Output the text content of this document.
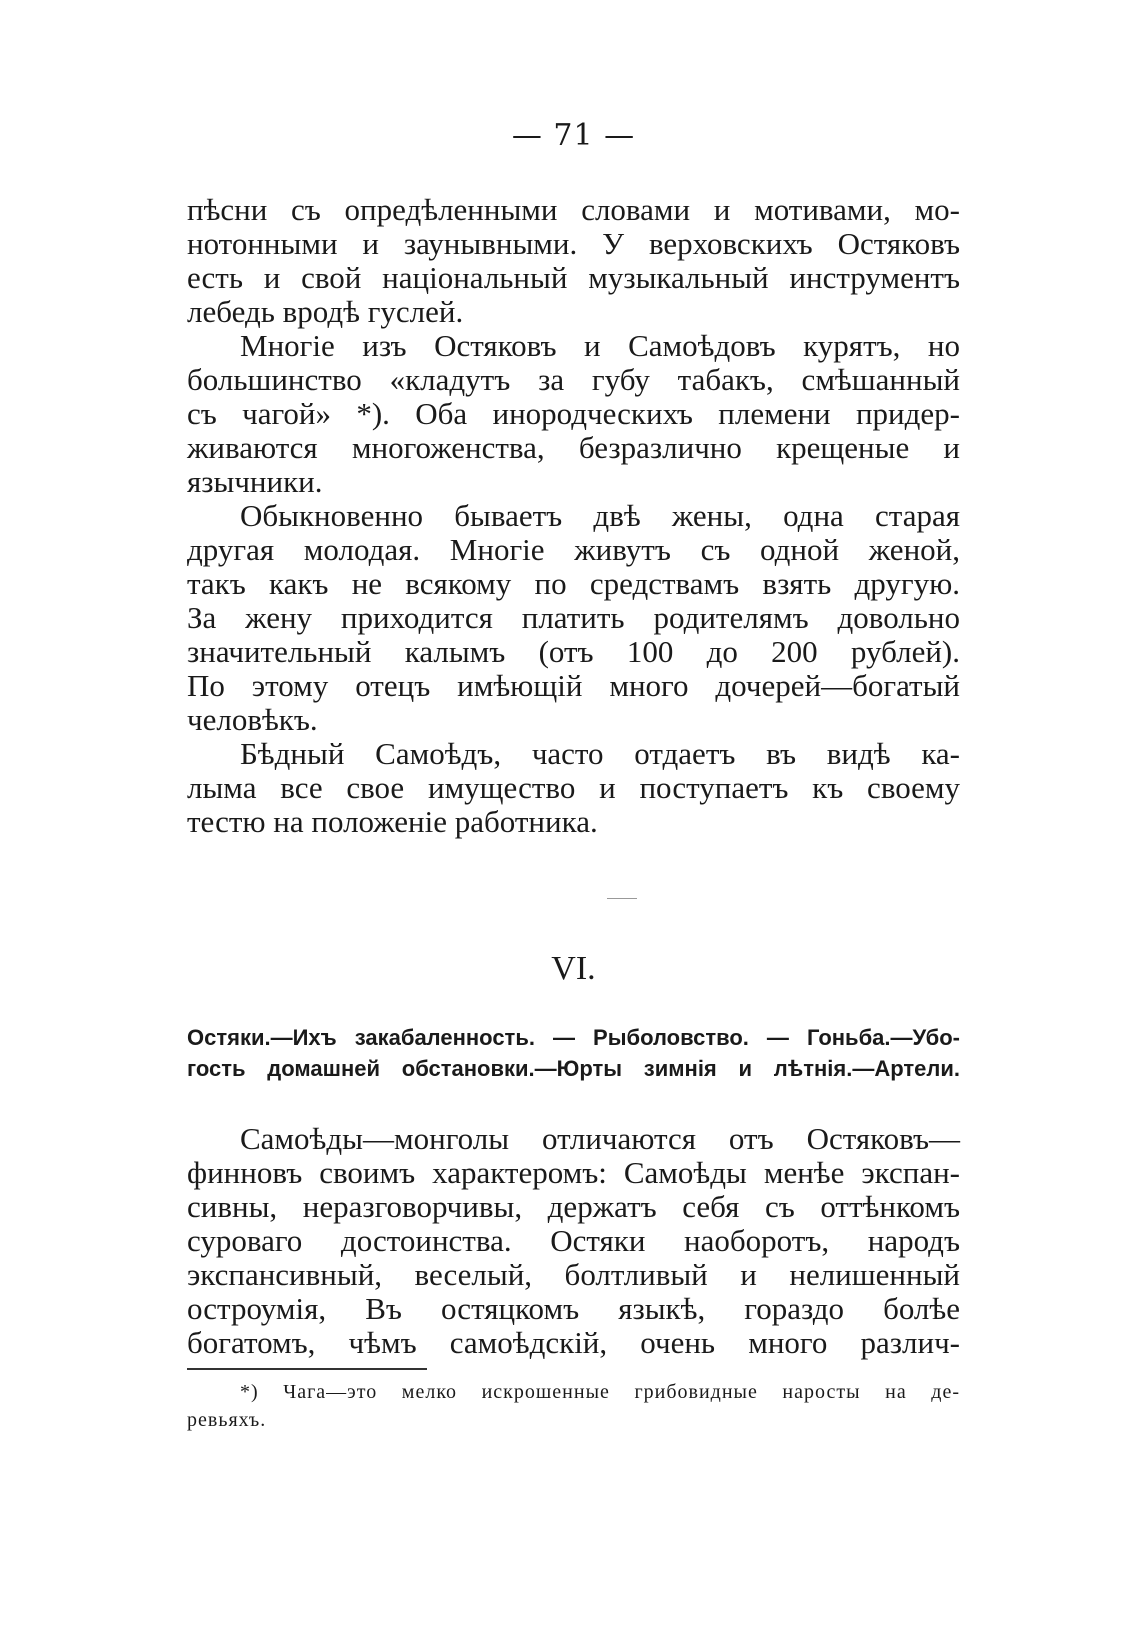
— 71 —
пѣсни съ опредѣленными словами и мотивами, мо-
нотонными и заунывными. У верховскихъ Остяковъ
есть и свой національный музыкальный инструментъ
лебедь вродѣ гуслей.
Многіе изъ Остяковъ и Самоѣдовъ курятъ, но
большинство «кладутъ за губу табакъ, смѣшанный
съ чагой» *). Оба инородческихъ племени придер-
живаются многоженства, безразлично крещеные и
язычники.
Обыкновенно бываетъ двѣ жены, одна старая
другая молодая. Многіе живутъ съ одной женой,
такъ какъ не всякому по средствамъ взять другую.
За жену приходится платить родителямъ довольно
значительный калымъ (отъ 100 до 200 рублей).
По этому отецъ имѣющій много дочерей—богатый
человѣкъ.
Бѣдный Самоѣдъ, часто отдаетъ въ видѣ ка-
лыма все свое имущество и поступаетъ къ своему
тестю на положеніе работника.
VI.
Остяки.—Ихъ закабаленность. — Рыболовство. — Гоньба.—Убо-
гость домашней обстановки.—Юрты зимнія и лѣтнія.—Артели.
Самоѣды—монголы отличаются отъ Остяковъ—
финновъ своимъ характеромъ: Самоѣды менѣе экспан-
сивны, неразговорчивы, держатъ себя съ оттѣнкомъ
суроваго достоинства. Остяки наоборотъ, народъ
экспансивный, веселый, болтливый и нелишенный
остроумія, Въ остяцкомъ языкѣ, гораздо болѣе
богатомъ, чѣмъ самоѣдскій, очень много различ-
*) Чага—это мелко искрошенные грибовидные наросты на де-
ревьяхъ.
